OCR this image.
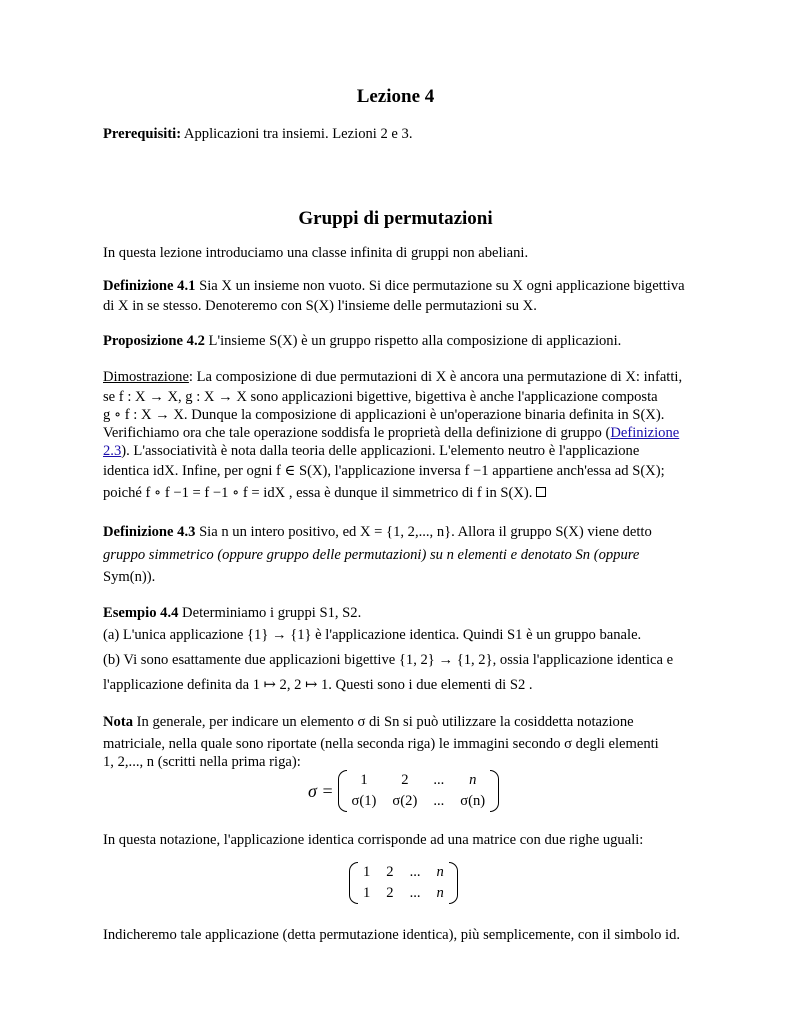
Lezione 4
Prerequisiti: Applicazioni tra insiemi. Lezioni 2 e 3.
Gruppi di permutazioni
In questa lezione introduciamo una classe infinita di gruppi non abeliani.
Definizione 4.1 Sia X un insieme non vuoto. Si dice permutazione su X ogni applicazione bigettiva
di X in se stesso. Denoteremo con S(X) l'insieme delle permutazioni su X.
Proposizione 4.2 L'insieme S(X) è un gruppo rispetto alla composizione di applicazioni.
Dimostrazione: La composizione di due permutazioni di X è ancora una permutazione di X: infatti,
se f : X → X, g : X → X sono applicazioni bigettive, bigettiva è anche l'applicazione composta
g ∘ f : X → X. Dunque la composizione di applicazioni è un'operazione binaria definita in S(X).
Verifichiamo ora che tale operazione soddisfa le proprietà della definizione di gruppo (Definizione
2.3). L'associatività è nota dalla teoria delle applicazioni. L'elemento neutro è l'applicazione
identica idX. Infine, per ogni f ∈ S(X), l'applicazione inversa f −1 appartiene anch'essa ad S(X);
poiché f ∘ f −1 = f −1 ∘ f = idX , essa è dunque il simmetrico di f in S(X).
Definizione 4.3 Sia n un intero positivo, ed X = {1, 2,..., n}. Allora il gruppo S(X) viene detto
gruppo simmetrico (oppure gruppo delle permutazioni) su n elementi e denotato Sn (oppure
Sym(n)).
Esempio 4.4 Determiniamo i gruppi S1, S2.
(a) L'unica applicazione {1} → {1} è l'applicazione identica. Quindi S1 è un gruppo banale.
(b) Vi sono esattamente due applicazioni bigettive {1, 2} → {1, 2}, ossia l'applicazione identica e
l'applicazione definita da 1 ↦ 2, 2 ↦ 1. Questi sono i due elementi di S2 .
Nota In generale, per indicare un elemento σ di Sn si può utilizzare la cosiddetta notazione
matriciale, nella quale sono riportate (nella seconda riga) le immagini secondo σ degli elementi
1, 2,..., n (scritti nella prima riga):
σ =
1	2	...	n
σ(1)	σ(2)	...	σ(n)
In questa notazione, l'applicazione identica corrisponde ad una matrice con due righe uguali:
1	2	...	n
1	2	...	n
Indicheremo tale applicazione (detta permutazione identica), più semplicemente, con il simbolo id.
